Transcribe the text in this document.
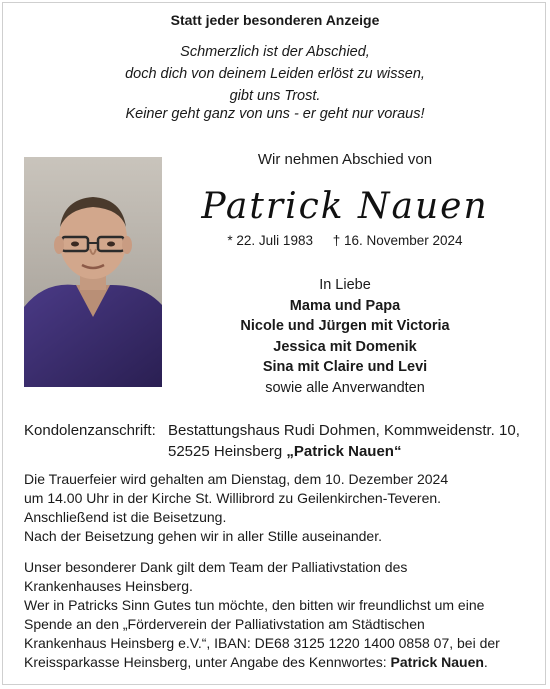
Statt jeder besonderen Anzeige
Schmerzlich ist der Abschied,
doch dich von deinem Leiden erlöst zu wissen,
gibt uns Trost.
Keiner geht ganz von uns - er geht nur voraus!
Wir nehmen Abschied von
Patrick Nauen
* 22. Juli 1983 † 16. November 2024
In Liebe
Mama und Papa
Nicole und Jürgen mit Victoria
Jessica mit Domenik
Sina mit Claire und Levi
sowie alle Anverwandten
Kondolenzanschrift: Bestattungshaus Rudi Dohmen, Kommweidenstr. 10,
52525 Heinsberg „Patrick Nauen“
Die Trauerfeier wird gehalten am Dienstag, dem 10. Dezember 2024
um 14.00 Uhr in der Kirche St. Willibrord zu Geilenkirchen-Teveren.
Anschließend ist die Beisetzung.
Nach der Beisetzung gehen wir in aller Stille auseinander.
Unser besonderer Dank gilt dem Team der Palliativstation des
Krankenhauses Heinsberg.
Wer in Patricks Sinn Gutes tun möchte, den bitten wir freundlichst um eine
Spende an den „Förderverein der Palliativstation am Städtischen
Krankenhaus Heinsberg e.V.“, IBAN: DE68 3125 1220 1400 0858 07, bei der
Kreissparkasse Heinsberg, unter Angabe des Kennwortes: Patrick Nauen.
